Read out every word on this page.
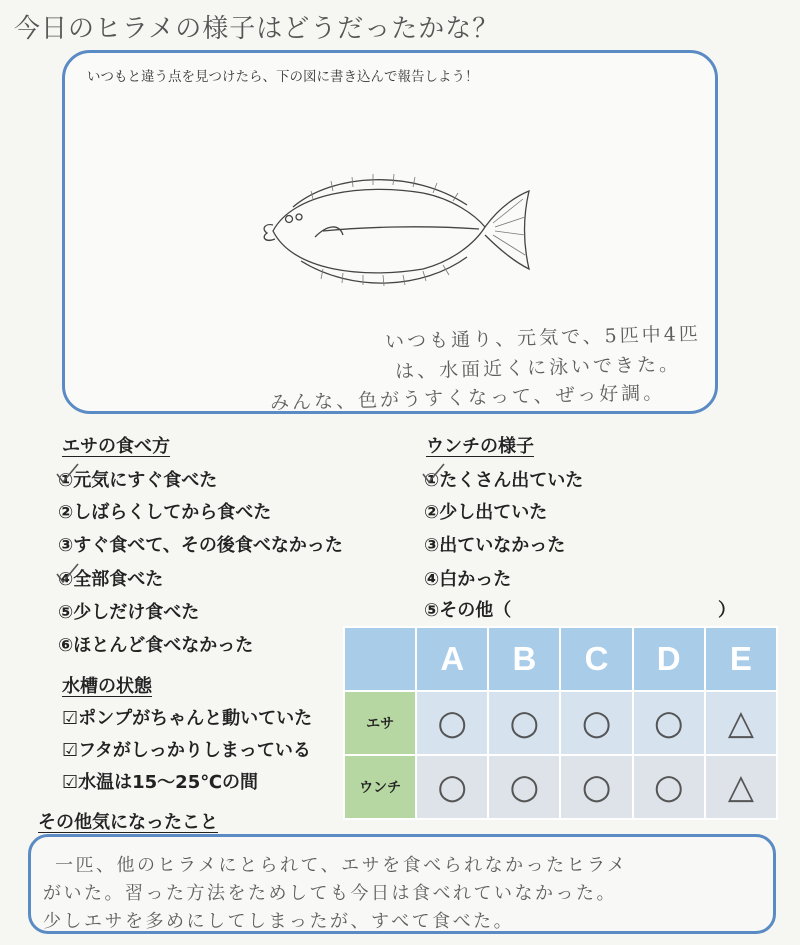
今日のヒラメの様子はどうだったかな？
いつもと違う点を見つけたら、下の図に書き込んで報告しよう！
いつも通り、元気で、5匹中4匹
は、水面近くに泳いできた。
みんな、色がうすくなって、ぜっ好調。
エサの食べ方
①元気にすぐ食べた
②しばらくしてから食べた
③すぐ食べて、その後食べなかった
④全部食べた
⑤少しだけ食べた
⑥ほとんど食べなかった
ウンチの様子
①たくさん出ていた
②少し出ていた
③出ていなかった
④白かった
⑤その他（	）
水槽の状態
☑ポンプがちゃんと動いていた
☑フタがしっかりしまっている
☑水温は15〜25℃の間
	A	B	C	D	E
エサ	○	○	○	○	△
ウンチ	○	○	○	○	△
その他気になったこと
一匹、他のヒラメにとられて、エサを食べられなかったヒラメ
がいた。習った方法をためしても今日は食べれていなかった。
少しエサを多めにしてしまったが、すべて食べた。
